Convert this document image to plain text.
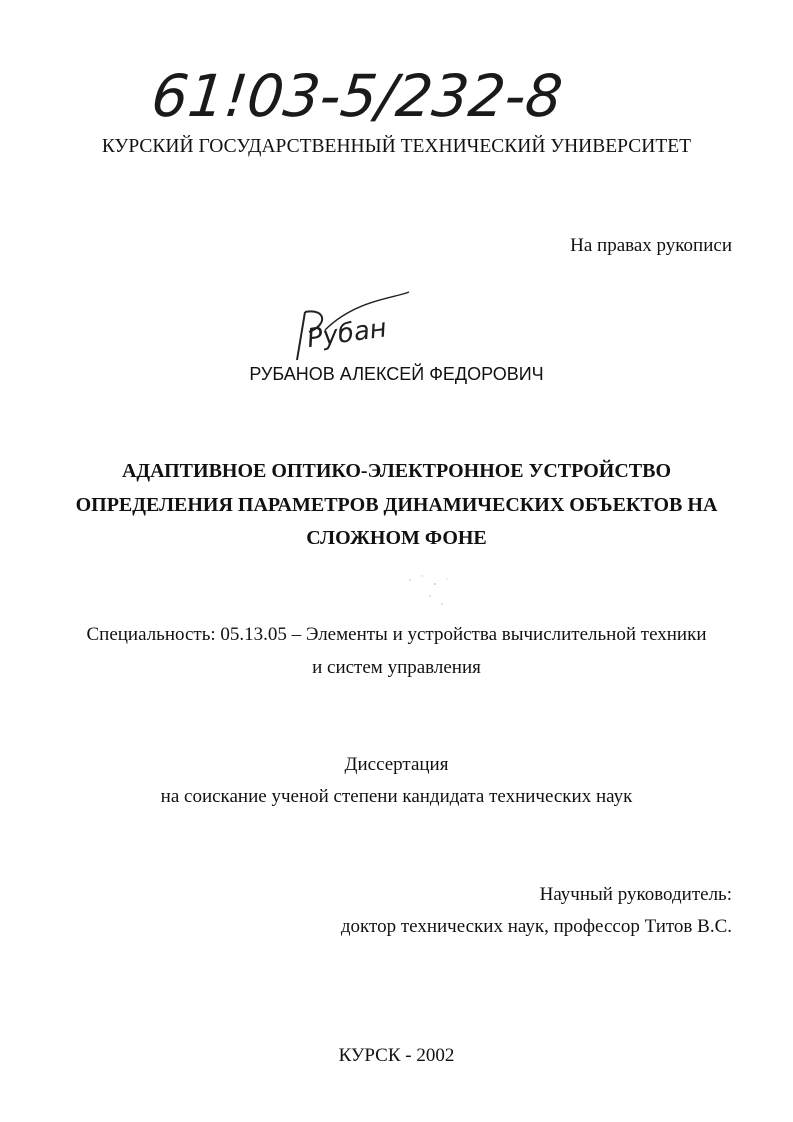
61!03-5/232-8
КУРСКИЙ ГОСУДАРСТВЕННЫЙ ТЕХНИЧЕСКИЙ УНИВЕРСИТЕТ
На правах рукописи
Рубан
РУБАНОВ АЛЕКСЕЙ ФЕДОРОВИЧ
АДАПТИВНОЕ ОПТИКО-ЭЛЕКТРОННОЕ УСТРОЙСТВО
ОПРЕДЕЛЕНИЯ ПАРАМЕТРОВ ДИНАМИЧЕСКИХ ОБЪЕКТОВ НА
СЛОЖНОМ ФОНЕ
Специальность: 05.13.05 – Элементы и устройства вычислительной техники
и систем управления
Диссертация
на соискание ученой степени кандидата технических наук
Научный руководитель:
доктор технических наук, профессор Титов В.С.
КУРСК - 2002
